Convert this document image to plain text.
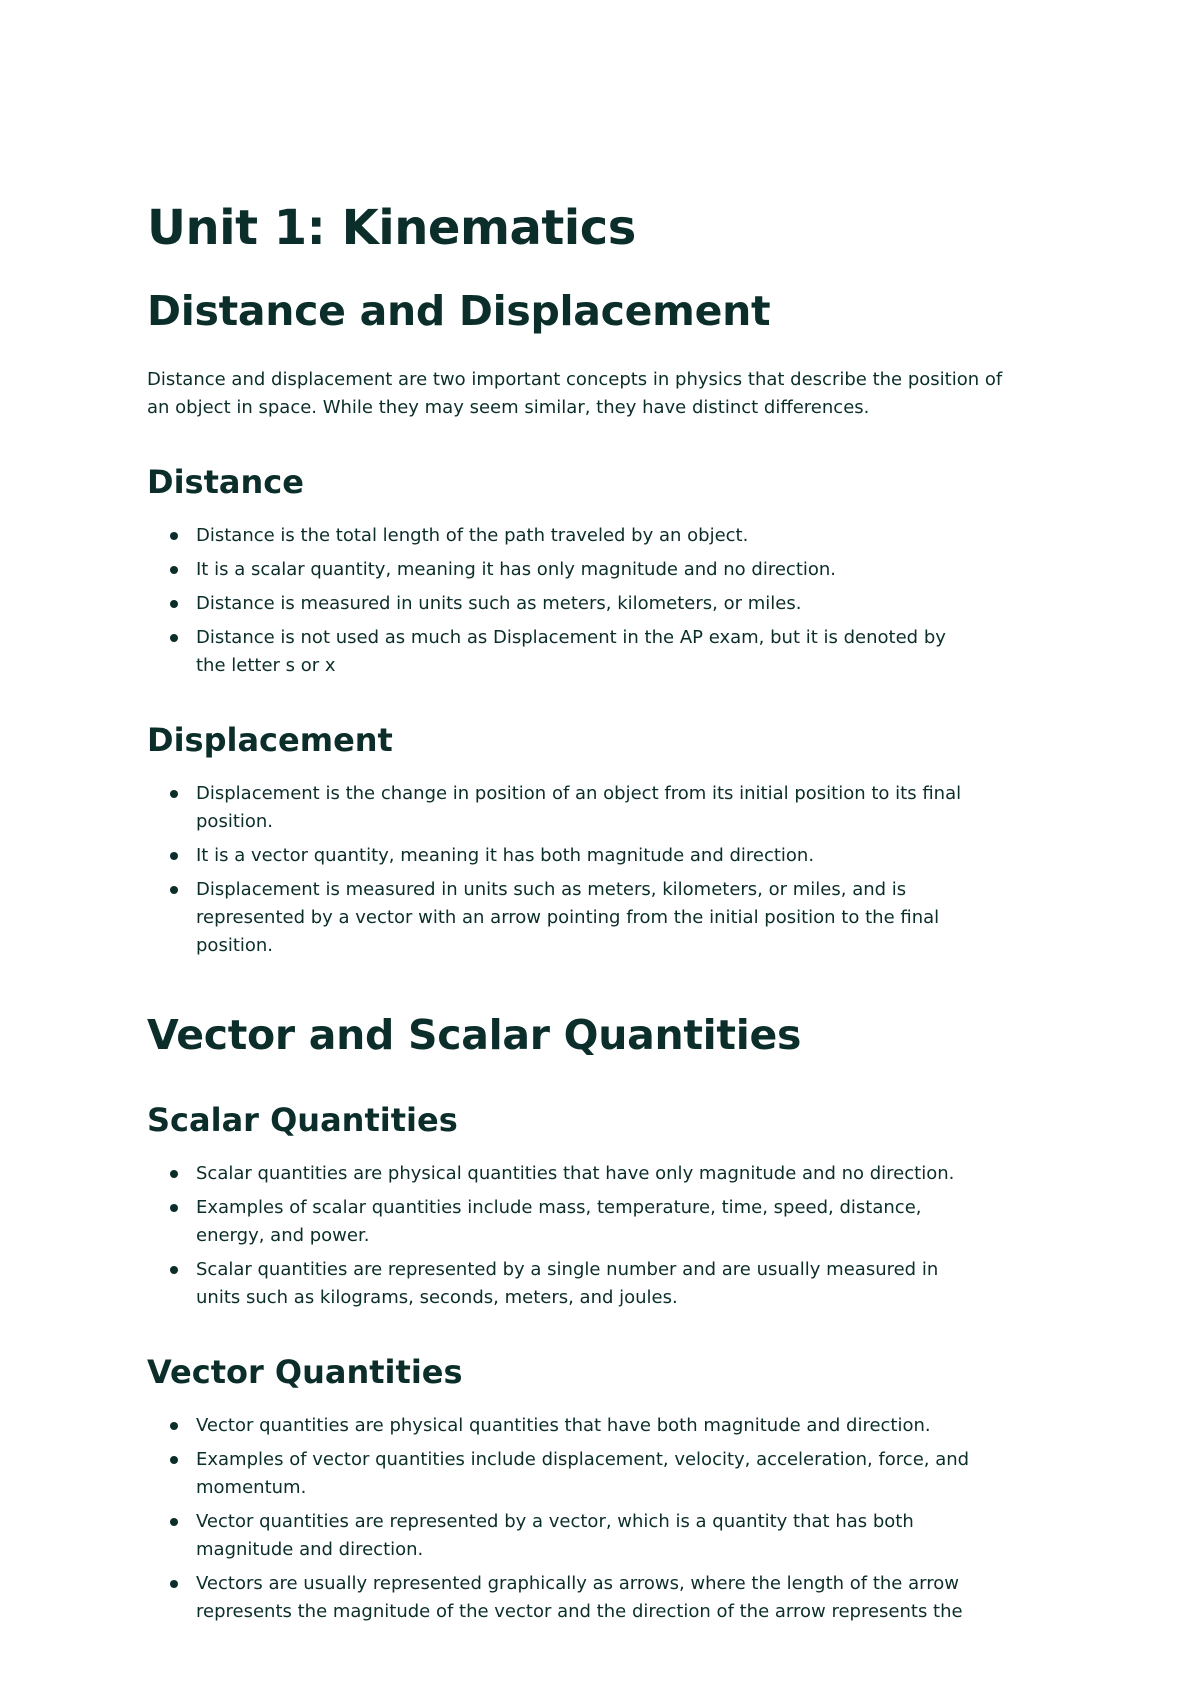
Unit 1: Kinematics
Distance and Displacement

Distance and displacement are two important concepts in physics that describe the position of an object in space. While they may seem similar, they have distinct differences.

Distance
Distance is the total length of the path traveled by an object.
It is a scalar quantity, meaning it has only magnitude and no direction.
Distance is measured in units such as meters, kilometers, or miles.
Distance is not used as much as Displacement in the AP exam, but it is denoted by the letter s or x
Displacement
Displacement is the change in position of an object from its initial position to its final position.
It is a vector quantity, meaning it has both magnitude and direction.
Displacement is measured in units such as meters, kilometers, or miles, and is represented by a vector with an arrow pointing from the initial position to the final position.
Vector and Scalar Quantities
Scalar Quantities
Scalar quantities are physical quantities that have only magnitude and no direction.
Examples of scalar quantities include mass, temperature, time, speed, distance, energy, and power.
Scalar quantities are represented by a single number and are usually measured in units such as kilograms, seconds, meters, and joules.
Vector Quantities
Vector quantities are physical quantities that have both magnitude and direction.
Examples of vector quantities include displacement, velocity, acceleration, force, and momentum.
Vector quantities are represented by a vector, which is a quantity that has both magnitude and direction.
Vectors are usually represented graphically as arrows, where the length of the arrow represents the magnitude of the vector and the direction of the arrow represents the
